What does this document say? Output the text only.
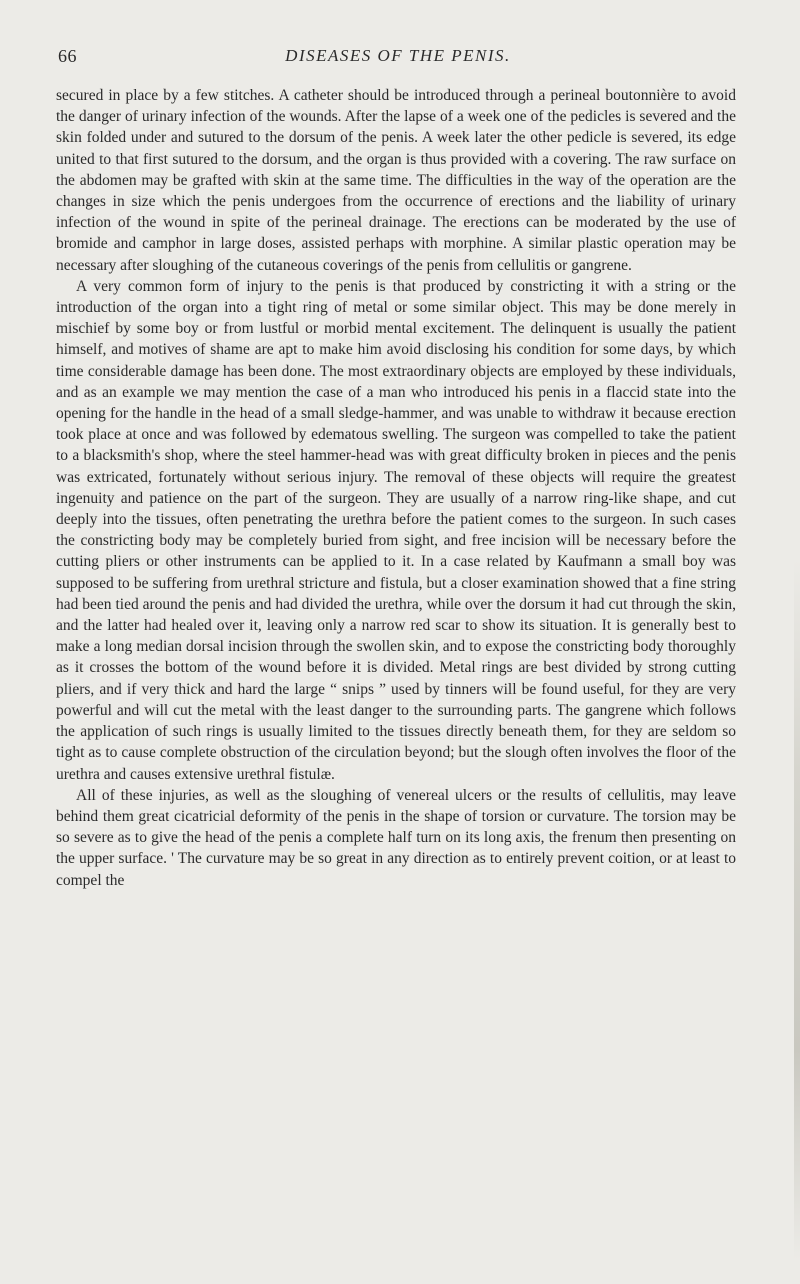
66	DISEASES OF THE PENIS.

secured in place by a few stitches. A catheter should be introduced through a perineal boutonnière to avoid the danger of urinary infection of the wounds. After the lapse of a week one of the pedicles is severed and the skin folded under and sutured to the dorsum of the penis. A week later the other pedicle is severed, its edge united to that first sutured to the dorsum, and the organ is thus provided with a covering. The raw surface on the abdomen may be grafted with skin at the same time. The difficulties in the way of the operation are the changes in size which the penis undergoes from the occurrence of erections and the liability of urinary infection of the wound in spite of the perineal drainage. The erections can be moderated by the use of bromide and camphor in large doses, assisted perhaps with morphine. A similar plastic operation may be necessary after sloughing of the cutaneous coverings of the penis from cellulitis or gangrene.

A very common form of injury to the penis is that produced by constricting it with a string or the introduction of the organ into a tight ring of metal or some similar object. This may be done merely in mischief by some boy or from lustful or morbid mental excitement. The delinquent is usually the patient himself, and motives of shame are apt to make him avoid disclosing his condition for some days, by which time considerable damage has been done. The most extraordinary objects are employed by these individuals, and as an example we may mention the case of a man who introduced his penis in a flaccid state into the opening for the handle in the head of a small sledge-hammer, and was unable to withdraw it because erection took place at once and was followed by edematous swelling. The surgeon was compelled to take the patient to a blacksmith's shop, where the steel hammer-head was with great difficulty broken in pieces and the penis was extricated, fortunately without serious injury. The removal of these objects will require the greatest ingenuity and patience on the part of the surgeon. They are usually of a narrow ring-like shape, and cut deeply into the tissues, often penetrating the urethra before the patient comes to the surgeon. In such cases the constricting body may be completely buried from sight, and free incision will be necessary before the cutting pliers or other instruments can be applied to it. In a case related by Kaufmann a small boy was supposed to be suffering from urethral stricture and fistula, but a closer examination showed that a fine string had been tied around the penis and had divided the urethra, while over the dorsum it had cut through the skin, and the latter had healed over it, leaving only a narrow red scar to show its situation. It is generally best to make a long median dorsal incision through the swollen skin, and to expose the constricting body thoroughly as it crosses the bottom of the wound before it is divided. Metal rings are best divided by strong cutting pliers, and if very thick and hard the large “ snips ” used by tinners will be found useful, for they are very powerful and will cut the metal with the least danger to the surrounding parts. The gangrene which follows the application of such rings is usually limited to the tissues directly beneath them, for they are seldom so tight as to cause complete obstruction of the circulation beyond; but the slough often involves the floor of the urethra and causes extensive urethral fistulæ.

All of these injuries, as well as the sloughing of venereal ulcers or the results of cellulitis, may leave behind them great cicatricial deformity of the penis in the shape of torsion or curvature. The torsion may be so severe as to give the head of the penis a complete half turn on its long axis, the frenum then presenting on the upper surface. ' The curvature may be so great in any direction as to entirely prevent coition, or at least to compel the
